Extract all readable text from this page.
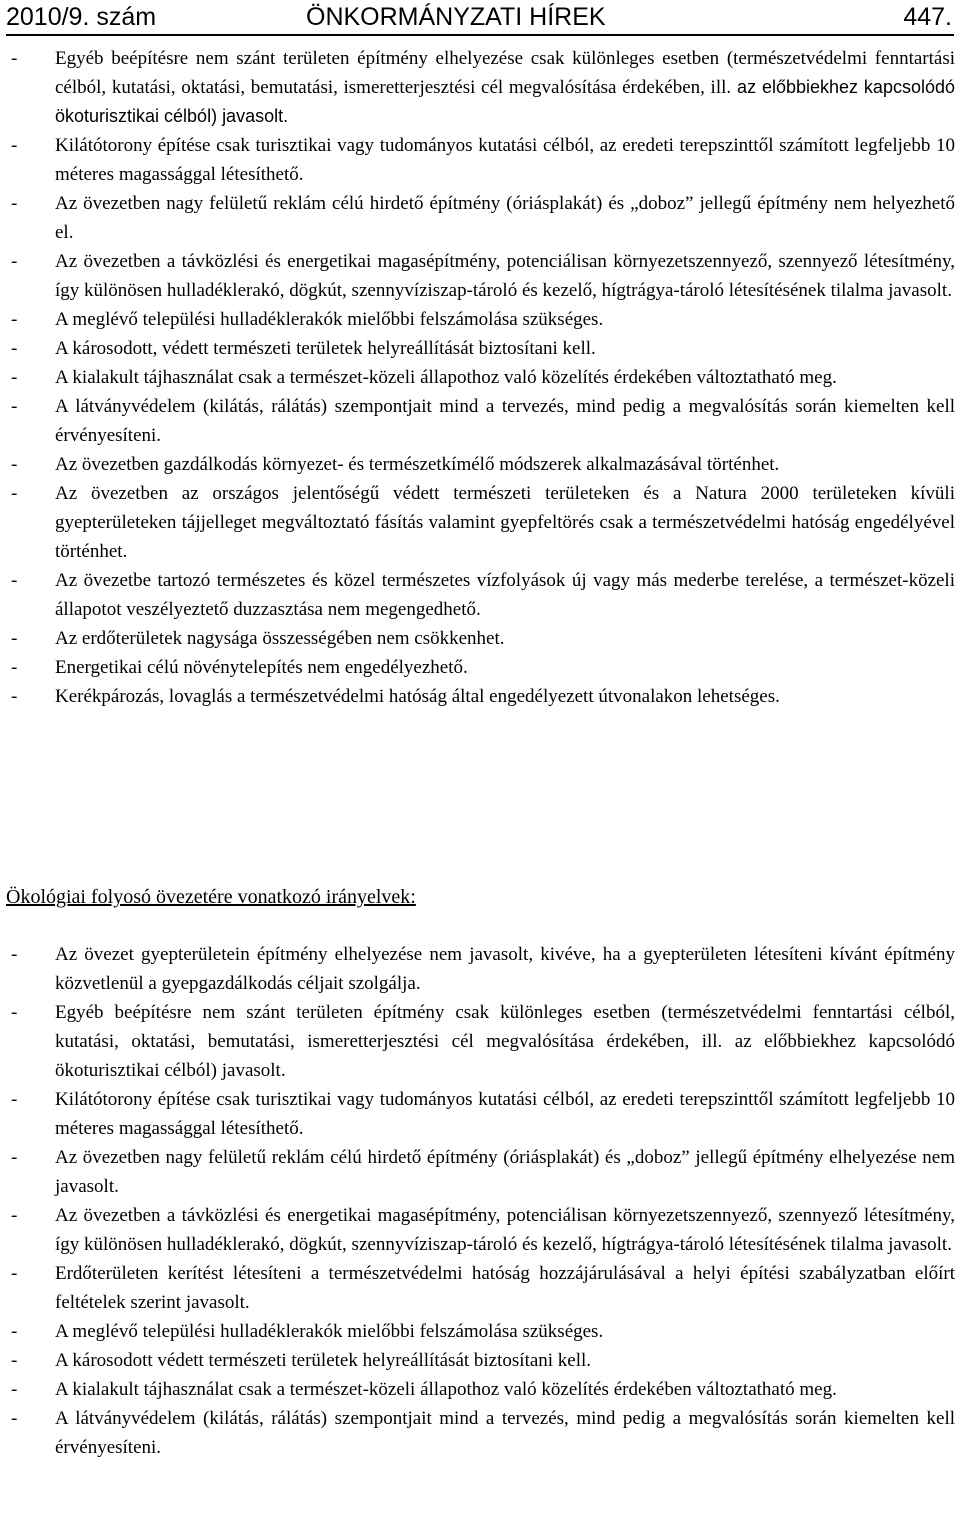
2010/9. szám	ÖNKORMÁNYZATI HÍREK	447.
- Egyéb beépítésre nem szánt területen építmény elhelyezése csak különleges esetben (természetvédelmi fenntartási célból, kutatási, oktatási, bemutatási, ismeretterjesztési cél megvalósítása érdekében, ill. az előbbiekhez kapcsolódó ökoturisztikai célból) javasolt.
- Kilátótorony építése csak turisztikai vagy tudományos kutatási célból, az eredeti terepszinttől számított legfeljebb 10 méteres magassággal létesíthető.
- Az övezetben nagy felületű reklám célú hirdető építmény (óriásplakát) és „doboz” jellegű építmény nem helyezhető el.
- Az övezetben a távközlési és energetikai magasépítmény, potenciálisan környezetszennyező, szennyező létesítmény, így különösen hulladéklerakó, dögkút, szennyvíziszap-tároló és kezelő, hígtrágya-tároló létesítésének tilalma javasolt.
- A meglévő települési hulladéklerakók mielőbbi felszámolása szükséges.
- A károsodott, védett természeti területek helyreállítását biztosítani kell.
- A kialakult tájhasználat csak a természet-közeli állapothoz való közelítés érdekében változtatható meg.
- A látványvédelem (kilátás, rálátás) szempontjait mind a tervezés, mind pedig a megvalósítás során kiemelten kell érvényesíteni.
- Az övezetben gazdálkodás környezet- és természetkímélő módszerek alkalmazásával történhet.
- Az övezetben az országos jelentőségű védett természeti területeken és a Natura 2000 területeken kívüli gyepterületeken tájjelleget megváltoztató fásítás valamint gyepfeltörés csak a természetvédelmi hatóság engedélyével történhet.
- Az övezetbe tartozó természetes és közel természetes vízfolyások új vagy más mederbe terelése, a természet-közeli állapotot veszélyeztető duzzasztása nem megengedhető.
- Az erdőterületek nagysága összességében nem csökkenhet.
- Energetikai célú növénytelepítés nem engedélyezhető.
- Kerékpározás, lovaglás a természetvédelmi hatóság által engedélyezett útvonalakon lehetséges.
Ökológiai folyosó övezetére vonatkozó irányelvek:
- Az övezet gyepterületein építmény elhelyezése nem javasolt, kivéve, ha a gyepterületen létesíteni kívánt építmény közvetlenül a gyepgazdálkodás céljait szolgálja.
- Egyéb beépítésre nem szánt területen építmény csak különleges esetben (természetvédelmi fenntartási célból, kutatási, oktatási, bemutatási, ismeretterjesztési cél megvalósítása érdekében, ill. az előbbiekhez kapcsolódó ökoturisztikai célból) javasolt.
- Kilátótorony építése csak turisztikai vagy tudományos kutatási célból, az eredeti terepszinttől számított legfeljebb 10 méteres magassággal létesíthető.
- Az övezetben nagy felületű reklám célú hirdető építmény (óriásplakát) és „doboz” jellegű építmény elhelyezése nem javasolt.
- Az övezetben a távközlési és energetikai magasépítmény, potenciálisan környezetszennyező, szennyező létesítmény, így különösen hulladéklerakó, dögkút, szennyvíziszap-tároló és kezelő, hígtrágya-tároló létesítésének tilalma javasolt.
- Erdőterületen kerítést létesíteni a természetvédelmi hatóság hozzájárulásával a helyi építési szabályzatban előírt feltételek szerint javasolt.
- A meglévő települési hulladéklerakók mielőbbi felszámolása szükséges.
- A károsodott védett természeti területek helyreállítását biztosítani kell.
- A kialakult tájhasználat csak a természet-közeli állapothoz való közelítés érdekében változtatható meg.
- A látványvédelem (kilátás, rálátás) szempontjait mind a tervezés, mind pedig a megvalósítás során kiemelten kell érvényesíteni.
